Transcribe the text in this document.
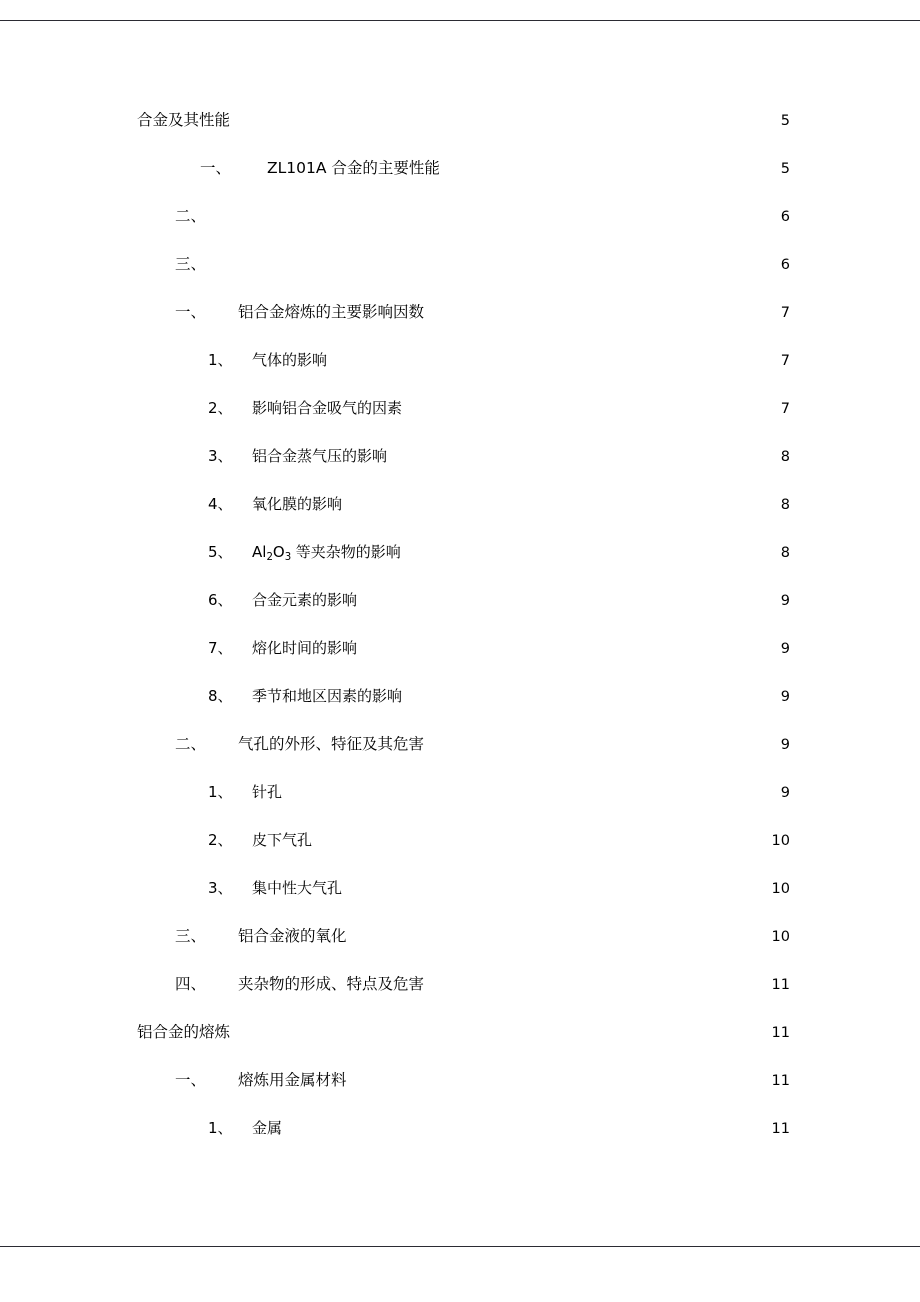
合金及其性能 .....	5
一、	ZL101A 合金的主要性能 .....	5
二、 .....	6
三、 .....	6
一、	铝合金熔炼的主要影响因数 .....	7
1、	气体的影响 .....	7
2、	影响铝合金吸气的因素 .....	7
3、	铝合金蒸气压的影响 .....	8
4、	氧化膜的影响 .....	8
5、	$Al_2O_3$ 等夹杂物的影响 .....	8
6、	合金元素的影响 .....	9
7、	熔化时间的影响 .....	9
8、	季节和地区因素的影响 .....	9
二、	气孔的外形、特征及其危害 .....	9
1、	针孔 .....	9
2、	皮下气孔 .....	10
3、	集中性大气孔 .....	10
三、	铝合金液的氧化 .....	10
四、	夹杂物的形成、特点及危害 .....	11
铝合金的熔炼 .....	11
一、	熔炼用金属材料 .....	11
1、	金属 .....	11
